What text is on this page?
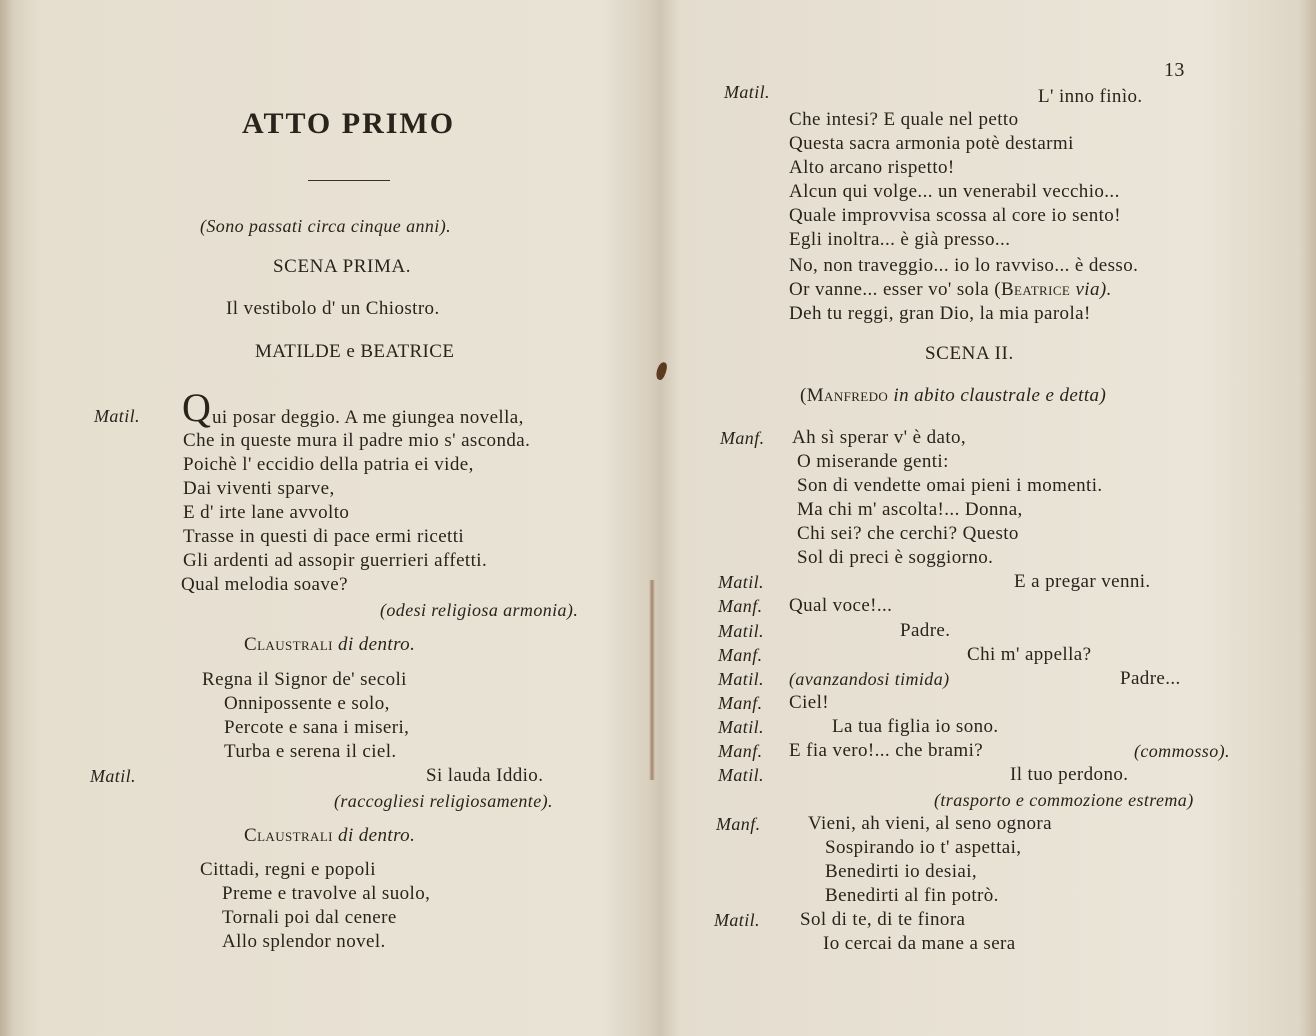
ATTO PRIMO
(Sono passati circa cinque anni).
SCENA PRIMA.
Il vestibolo d' un Chiostro.
MATILDE e BEATRICE
Matil. Q ui posar deggio. A me giungea novella,
Che in queste mura il padre mio s' asconda.
Poichè l' eccidio della patria ei vide,
Dai viventi sparve,
E d' irte lane avvolto
Trasse in questi di pace ermi ricetti
Gli ardenti ad assopir guerrieri affetti.
Qual melodia soave?
(odesi religiosa armonia).
Claustrali di dentro.
Regna il Signor de' secoli
Onnipossente e solo,
Percote e sana i miseri,
Turba e serena il ciel.
Matil.	Si lauda Iddio.
(raccogliesi religiosamente).
Claustrali di dentro.
Cittadi, regni e popoli
Preme e travolve al suolo,
Tornali poi dal cenere
Allo splendor novel.
13
Matil.	L' inno finìo.
Che intesi? E quale nel petto
Questa sacra armonia potè destarmi
Alto arcano rispetto!
Alcun qui volge... un venerabil vecchio...
Quale improvvisa scossa al core io sento!
Egli inoltra... è già presso...
No, non traveggio... io lo ravviso... è desso.
Or vanne... esser vo' sola (Beatrice via).
Deh tu reggi, gran Dio, la mia parola!
SCENA II.
(Manfredo in abito claustrale e detta)
Manf. Ah sì sperar v' è dato,
O miserande genti:
Son di vendette omai pieni i momenti.
Ma chi m' ascolta!... Donna,
Chi sei? che cerchi? Questo
Sol di preci è soggiorno.
Matil.	E a pregar venni.
Manf. Qual voce!...
Matil.	Padre.
Manf.	Chi m' appella?
Matil. (avanzandosi timida)	Padre...
Manf. Ciel!
Matil.	La tua figlia io sono.
Manf. E fia vero!... che brami?	(commosso).
Matil.	Il tuo perdono.
(trasporto e commozione estrema)
Manf.	Vieni, ah vieni, al seno ognora
Sospirando io t' aspettai,
Benedirti io desiai,
Benedirti al fin potrò.
Matil. Sol di te, di te finora
Io cercai da mane a sera
